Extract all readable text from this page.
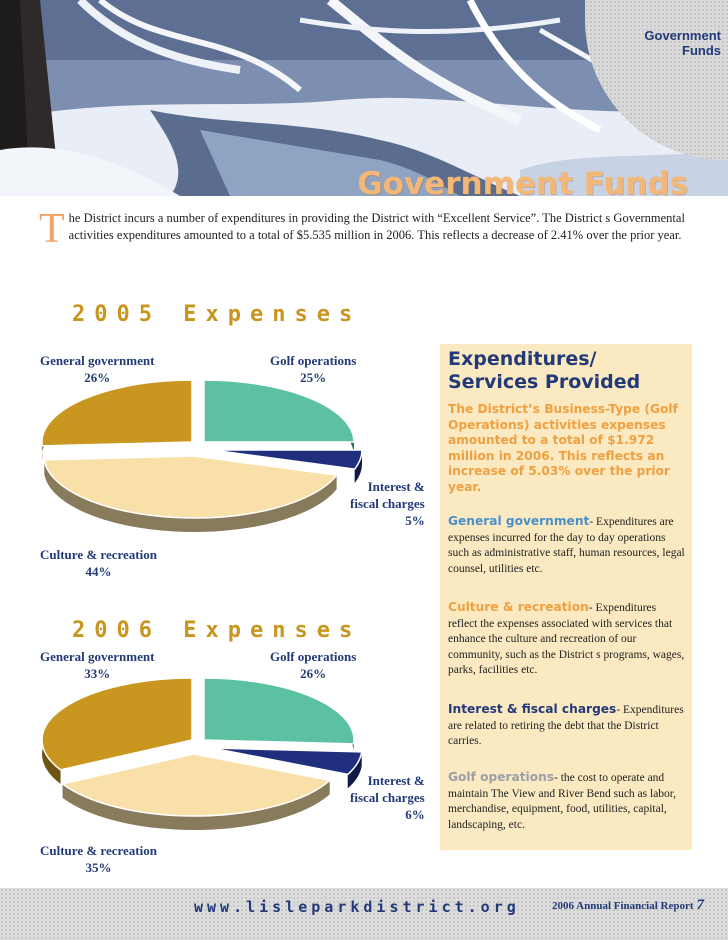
Government
Funds
Government Funds
The District incurs a number of expenditures in providing the District with “Excellent Service”. The District s Governmental activities expenditures amounted to a total of $5.535 million in 2006. This reflects a decrease of 2.41% over the prior year.
2005 Expenses
General government
26%
Golf operations
25%
Interest &
fiscal charges
5%
Culture & recreation
44%
2006 Expenses
General government
33%
Golf operations
26%
Interest &
fiscal charges
6%
Culture & recreation
35%
Expenditures/
Services Provided
The District’s Business-Type (Golf Operations) activities expenses amounted to a total of $1.972 million in 2006. This reflects an increase of 5.03% over the prior year.
General government- Expenditures are expenses incurred for the day to day operations such as administrative staff, human resources, legal counsel, utilities etc.
Culture & recreation- Expenditures reflect the expenses associated with services that enhance the culture and recreation of our community, such as the District s programs, wages, parks, facilities etc.
Interest & fiscal charges- Expenditures are related to retiring the debt that the District carries.
Golf operations- the cost to operate and maintain The View and River Bend such as labor, merchandise, equipment, food, utilities, capital, landscaping, etc.
www.lisleparkdistrict.org	2006 Annual Financial Report 7
